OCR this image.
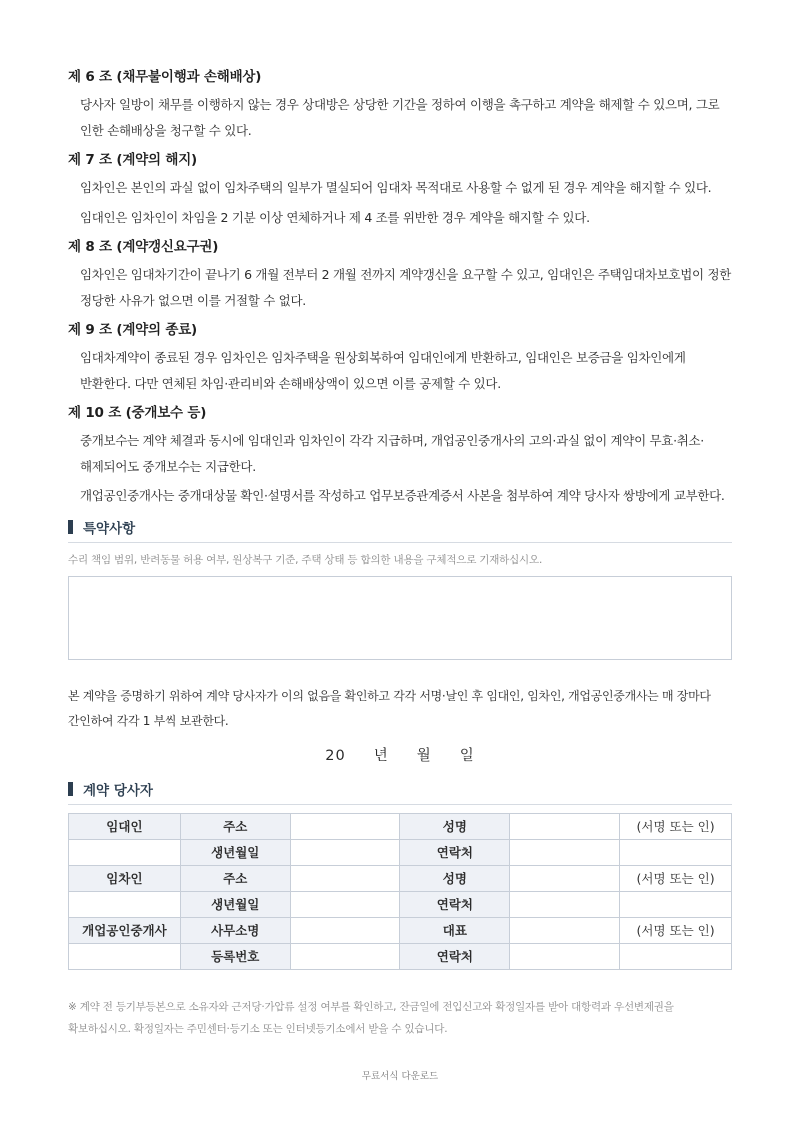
제 6 조 (채무불이행과 손해배상)
당사자 일방이 채무를 이행하지 않는 경우 상대방은 상당한 기간을 정하여 이행을 촉구하고 계약을 해제할 수 있으며, 그로 인한 손해배상을 청구할 수 있다.
제 7 조 (계약의 해지)
임차인은 본인의 과실 없이 임차주택의 일부가 멸실되어 임대차 목적대로 사용할 수 없게 된 경우 계약을 해지할 수 있다.
임대인은 임차인이 차임을 2 기분 이상 연체하거나 제 4 조를 위반한 경우 계약을 해지할 수 있다.
제 8 조 (계약갱신요구권)
임차인은 임대차기간이 끝나기 6 개월 전부터 2 개월 전까지 계약갱신을 요구할 수 있고, 임대인은 주택임대차보호법이 정한 정당한 사유가 없으면 이를 거절할 수 없다.
제 9 조 (계약의 종료)
임대차계약이 종료된 경우 임차인은 임차주택을 원상회복하여 임대인에게 반환하고, 임대인은 보증금을 임차인에게 반환한다. 다만 연체된 차임·관리비와 손해배상액이 있으면 이를 공제할 수 있다.
제 10 조 (중개보수 등)
중개보수는 계약 체결과 동시에 임대인과 임차인이 각각 지급하며, 개업공인중개사의 고의·과실 없이 계약이 무효·취소·해제되어도 중개보수는 지급한다.
개업공인중개사는 중개대상물 확인·설명서를 작성하고 업무보증관계증서 사본을 첨부하여 계약 당사자 쌍방에게 교부한다.
특약사항
수리 책임 범위, 반려동물 허용 여부, 원상복구 기준, 주택 상태 등 합의한 내용을 구체적으로 기재하십시오.
본 계약을 증명하기 위하여 계약 당사자가 이의 없음을 확인하고 각각 서명·날인 후 임대인, 임차인, 개업공인중개사는 매 장마다 간인하여 각각 1 부씩 보관한다.
20 년 월 일
계약 당사자
임대인	주소		성명		(서명 또는 인)
	생년월일		연락처		
임차인	주소		성명		(서명 또는 인)
	생년월일		연락처		
개업공인중개사	사무소명		대표		(서명 또는 인)
	등록번호		연락처		
※ 계약 전 등기부등본으로 소유자와 근저당·가압류 설정 여부를 확인하고, 잔금일에 전입신고와 확정일자를 받아 대항력과 우선변제권을 확보하십시오. 확정일자는 주민센터·등기소 또는 인터넷등기소에서 받을 수 있습니다.
무료서식 다운로드
